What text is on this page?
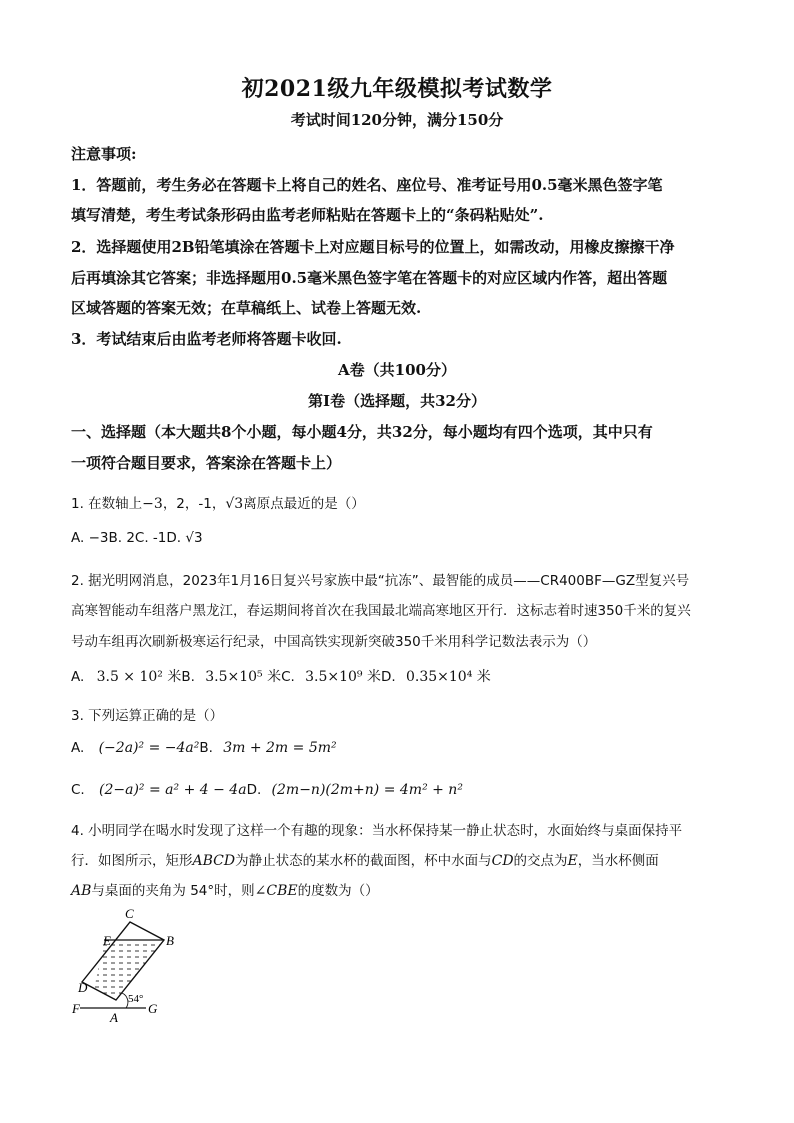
初2021级九年级模拟考试数学
考试时间120分钟，满分150分
注意事项:
1．答题前，考生务必在答题卡上将自己的姓名、座位号、准考证号用0.5毫米黑色签字笔
填写清楚，考生考试条形码由监考老师粘贴在答题卡上的“条码粘贴处”.
2．选择题使用2B铅笔填涂在答题卡上对应题目标号的位置上，如需改动，用橡皮擦擦干净
后再填涂其它答案；非选择题用0.5毫米黑色签字笔在答题卡的对应区域内作答，超出答题
区域答题的答案无效；在草稿纸上、试卷上答题无效.
3．考试结束后由监考老师将答题卡收回.
A卷（共100分）
第Ⅰ卷（选择题，共32分）
一、选择题（本大题共8个小题，每小题4分，共32分，每小题均有四个选项，其中只有
一项符合题目要求，答案涂在答题卡上）
1. 在数轴上−3，2，-1，√3离原点最近的是（）
A. −3B. 2C. -1D. √3
2. 据光明网消息，2023年1月16日复兴号家族中最“抗冻”、最智能的成员——CR400BF—GZ型复兴号
高寒智能动车组落户黑龙江，春运期间将首次在我国最北端高寒地区开行．这标志着时速350千米的复兴
号动车组再次刷新极寒运行纪录，中国高铁实现新突破350千米用科学记数法表示为（）
A. 3.5 × 10² 米B. 3.5×10⁵ 米C. 3.5×10⁹ 米D. 0.35×10⁴ 米
3. 下列运算正确的是（）
A. (−2a)² = −4a²B. 3m + 2m = 5m²
C. (2−a)² = a² + 4 − 4aD. (2m−n)(2m+n) = 4m² + n²
4. 小明同学在喝水时发现了这样一个有趣的现象：当水杯保持某一静止状态时，水面始终与桌面保持平
行．如图所示，矩形ABCD为静止状态的某水杯的截面图，杯中水面与CD的交点为E，当水杯侧面
AB与桌面的夹角为 54°时，则∠CBE的度数为（）
C
E	B
D
54°
F
A
G
